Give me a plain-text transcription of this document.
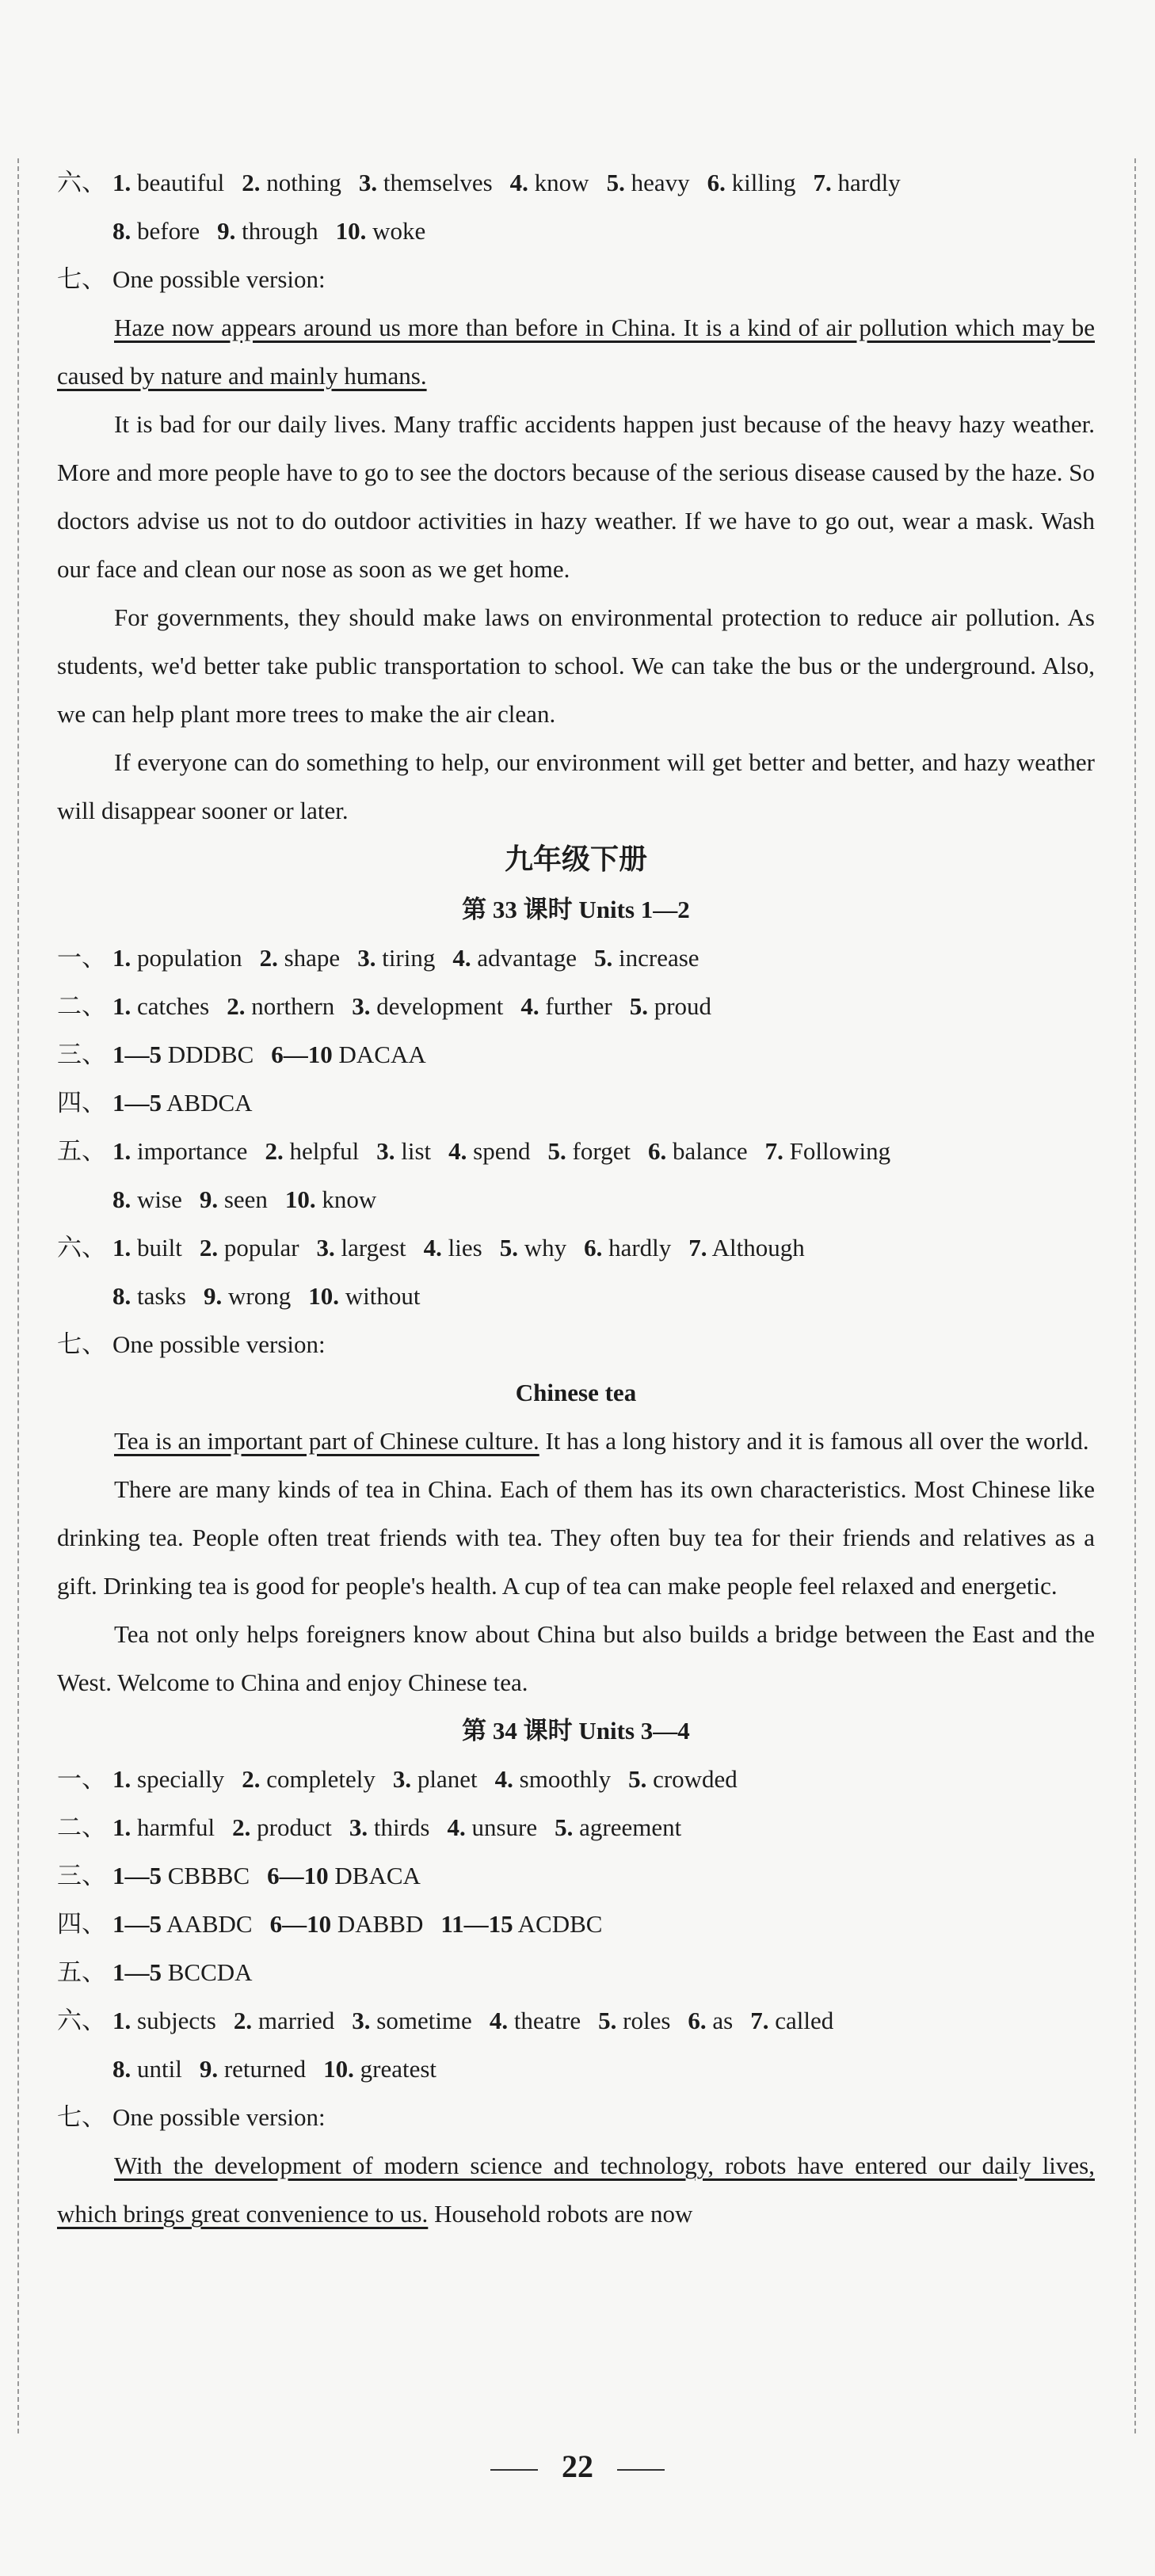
六、 1. beautiful 2. nothing 3. themselves 4. know 5. heavy 6. killing 7. hardly
8. before 9. through 10. woke
七、 One possible version:

Haze now appears around us more than before in China. It is a kind of air pollution which may be caused by nature and mainly humans.

It is bad for our daily lives. Many traffic accidents happen just because of the heavy hazy weather. More and more people have to go to see the doctors because of the serious disease caused by the haze. So doctors advise us not to do outdoor activities in hazy weather. If we have to go out, wear a mask. Wash our face and clean our nose as soon as we get home.

For governments, they should make laws on environmental protection to reduce air pollution. As students, we'd better take public transportation to school. We can take the bus or the underground. Also, we can help plant more trees to make the air clean.

If everyone can do something to help, our environment will get better and better, and hazy weather will disappear sooner or later.

九年级下册
第 33 课时 Units 1—2
一、 1. population 2. shape 3. tiring 4. advantage 5. increase
二、 1. catches 2. northern 3. development 4. further 5. proud
三、 1—5 DDDBC 6—10 DACAA
四、 1—5 ABDCA
五、 1. importance 2. helpful 3. list 4. spend 5. forget 6. balance 7. Following
8. wise 9. seen 10. know
六、 1. built 2. popular 3. largest 4. lies 5. why 6. hardly 7. Although
8. tasks 9. wrong 10. without
七、 One possible version:
Chinese tea

Tea is an important part of Chinese culture. It has a long history and it is famous all over the world.

There are many kinds of tea in China. Each of them has its own characteristics. Most Chinese like drinking tea. People often treat friends with tea. They often buy tea for their friends and relatives as a gift. Drinking tea is good for people's health. A cup of tea can make people feel relaxed and energetic.

Tea not only helps foreigners know about China but also builds a bridge between the East and the West. Welcome to China and enjoy Chinese tea.

第 34 课时 Units 3—4
一、 1. specially 2. completely 3. planet 4. smoothly 5. crowded
二、 1. harmful 2. product 3. thirds 4. unsure 5. agreement
三、 1—5 CBBBC 6—10 DBACA
四、 1—5 AABDC 6—10 DABBD 11—15 ACDBC
五、 1—5 BCCDA
六、 1. subjects 2. married 3. sometime 4. theatre 5. roles 6. as 7. called
8. until 9. returned 10. greatest
七、 One possible version:

With the development of modern science and technology, robots have entered our daily lives, which brings great convenience to us. Household robots are now

22
